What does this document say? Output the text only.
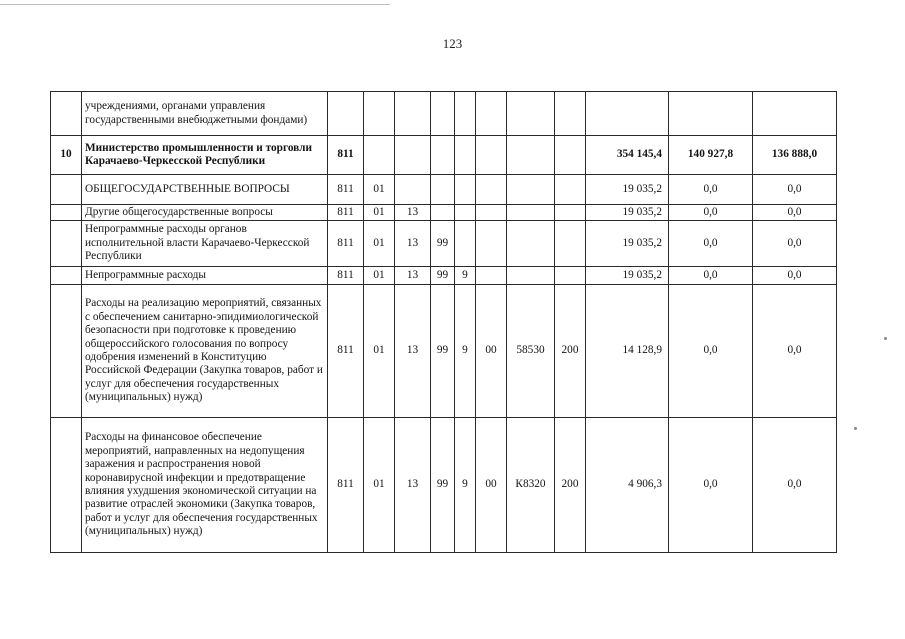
123
	учреждениями, органами управления государственными внебюджетными фондами)											
10	Министерство промышленности и торговли Карачаево-Черкесской Республики	811								354 145,4	140 927,8	136 888,0
	ОБЩЕГОСУДАРСТВЕННЫЕ ВОПРОСЫ	811	01							19 035,2	0,0	0,0
	Другие общегосударственные вопросы	811	01	13						19 035,2	0,0	0,0
	Непрограммные расходы органов исполнительной власти Карачаево-Черкесской Республики	811	01	13	99					19 035,2	0,0	0,0
	Непрограммные расходы	811	01	13	99	9				19 035,2	0,0	0,0
	Расходы на реализацию мероприятий, связанных с обеспечением санитарно-эпидимиологической безопасности при подготовке к проведению общероссийского голосования по вопросу одобрения изменений в Конституцию Российской Федерации (Закупка товаров, работ и услуг для обеспечения государственных (муниципальных) нужд)	811	01	13	99	9	00	58530	200	14 128,9	0,0	0,0
	Расходы на финансовое обеспечение мероприятий, направленных на недопущения заражения и распространения новой коронавирусной инфекции и предотвращение влияния ухудшения экономической ситуации на развитие отраслей экономики (Закупка товаров, работ и услуг для обеспечения государственных (муниципальных) нужд)	811	01	13	99	9	00	К8320	200	4 906,3	0,0	0,0
